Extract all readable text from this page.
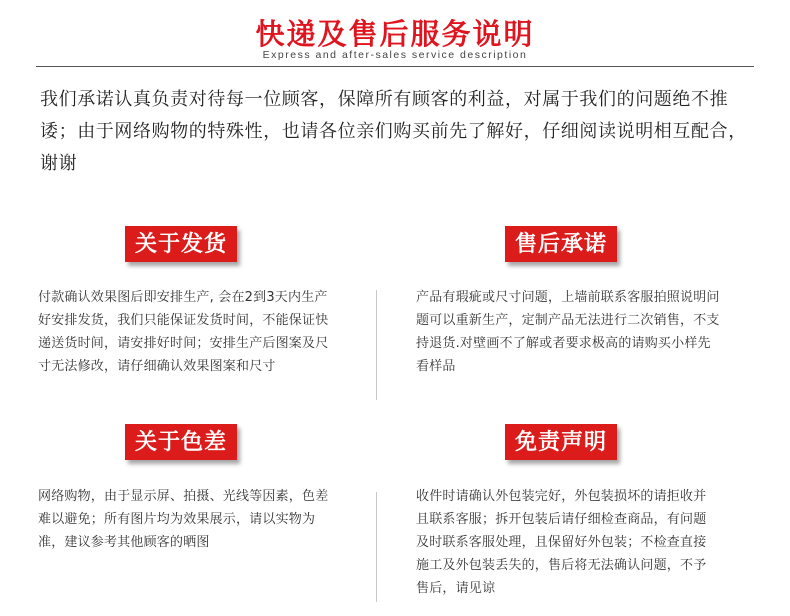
快递及售后服务说明
Express and after-sales service description
我们承诺认真负责对待每一位顾客，保障所有顾客的利益，对属于我们的问题绝不推诿；由于网络购物的特殊性，也请各位亲们购买前先了解好，仔细阅读说明相互配合，谢谢
关于发货
付款确认效果图后即安排生产, 会在2到3天内生产好安排发货，我们只能保证发货时间，不能保证快递送货时间，请安排好时间；安排生产后图案及尺寸无法修改，请仔细确认效果图案和尺寸
售后承诺
产品有瑕疵或尺寸问题，上墙前联系客服拍照说明问题可以重新生产，定制产品无法进行二次销售，不支持退货.对壁画不了解或者要求极高的请购买小样先看样品
关于色差
网络购物，由于显示屏、拍摄、光线等因素，色差难以避免；所有图片均为效果展示，请以实物为准，建议参考其他顾客的晒图
免责声明
收件时请确认外包装完好，外包装损坏的请拒收并且联系客服；拆开包装后请仔细检查商品，有问题及时联系客服处理，且保留好外包装；不检查直接施工及外包装丢失的，售后将无法确认问题，不予售后，请见谅
